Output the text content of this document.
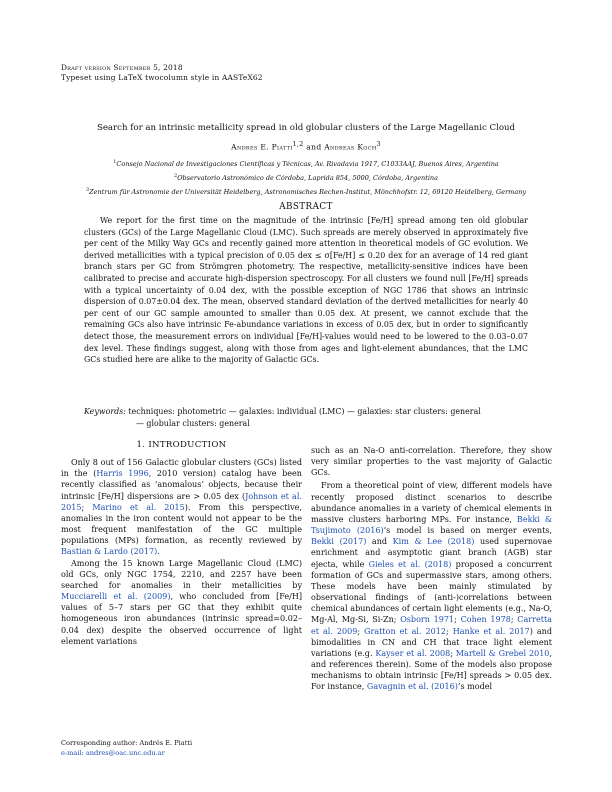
Draft version September 5, 2018
Typeset using LaTeX twocolumn style in AASTeX62
Search for an intrinsic metallicity spread in old globular clusters of the Large Magellanic Cloud
Andrés E. Piatti$^{1,2}$ and Andreas Koch$^3$
$^1$Consejo Nacional de Investigaciones Científicas y Técnicas, Av. Rivadavia 1917, C1033AAJ, Buenos Aires, Argentina
$^2$Observatorio Astronómico de Córdoba, Laprida 854, 5000, Córdoba, Argentina
$^3$Zentrum für Astronomie der Universität Heidelberg, Astronomisches Rechen-Institut, Mönchhofstr. 12, 69120 Heidelberg, Germany
ABSTRACT
We report for the first time on the magnitude of the intrinsic [Fe/H] spread among ten old globular clusters (GCs) of the Large Magellanic Cloud (LMC). Such spreads are merely observed in approximately five per cent of the Milky Way GCs and recently gained more attention in theoretical models of GC evolution. We derived metallicities with a typical precision of 0.05 dex ≤ σ[Fe/H] ≤ 0.20 dex for an average of 14 red giant branch stars per GC from Strömgren photometry. The respective, metallicity-sensitive indices have been calibrated to precise and accurate high-dispersion spectroscopy. For all clusters we found null [Fe/H] spreads with a typical uncertainty of 0.04 dex, with the possible exception of NGC 1786 that shows an intrinsic dispersion of 0.07±0.04 dex. The mean, observed standard deviation of the derived metallicities for nearly 40 per cent of our GC sample amounted to smaller than 0.05 dex. At present, we cannot exclude that the remaining GCs also have intrinsic Fe-abundance variations in excess of 0.05 dex, but in order to significantly detect those, the measurement errors on individual [Fe/H]-values would need to be lowered to the 0.03–0.07 dex level. These findings suggest, along with those from ages and light-element abundances, that the LMC GCs studied here are alike to the majority of Galactic GCs.
Keywords: techniques: photometric — galaxies: individual (LMC) — galaxies: star clusters: general
— globular clusters: general
1. INTRODUCTION

Only 8 out of 156 Galactic globular clusters (GCs) listed in the (Harris 1996, 2010 version) catalog have been recently classified as ‘anomalous’ objects, because their intrinsic [Fe/H] dispersions are > 0.05 dex (Johnson et al. 2015; Marino et al. 2015). From this perspective, anomalies in the iron content would not appear to be the most frequent manifestation of the GC multiple populations (MPs) formation, as recently reviewed by Bastian & Lardo (2017).

Among the 15 known Large Magellanic Cloud (LMC) old GCs, only NGC 1754, 2210, and 2257 have been searched for anomalies in their metallicities by Mucciarelli et al. (2009), who concluded from [Fe/H] values of 5–7 stars per GC that they exhibit quite homogeneous iron abundances (intrinsic spread=0.02–0.04 dex) despite the observed occurrence of light element variations

such as an Na-O anti-correlation. Therefore, they show very similar properties to the vast majority of Galactic GCs.

From a theoretical point of view, different models have recently proposed distinct scenarios to describe abundance anomalies in a variety of chemical elements in massive clusters harboring MPs. For instance, Bekki & Tsujimoto (2016)’s model is based on merger events, Bekki (2017) and Kim & Lee (2018) used supernovae enrichment and asymptotic giant branch (AGB) star ejecta, while Gieles et al. (2018) proposed a concurrent formation of GCs and supermassive stars, among others. These models have been mainly stimulated by observational findings of (anti-)correlations between chemical abundances of certain light elements (e.g., Na-O, Mg-Al, Mg-Si, Si-Zn; Osborn 1971; Cohen 1978; Carretta et al. 2009; Gratton et al. 2012; Hanke et al. 2017) and bimodalities in CN and CH that trace light element variations (e.g. Kayser et al. 2008; Martell & Grebel 2010, and references therein). Some of the models also propose mechanisms to obtain intrinsic [Fe/H] spreads > 0.05 dex. For instance, Gavagnin et al. (2016)’s model

Corresponding author: Andrés E. Piatti
e-mail: andres@oac.unc.edu.ar
